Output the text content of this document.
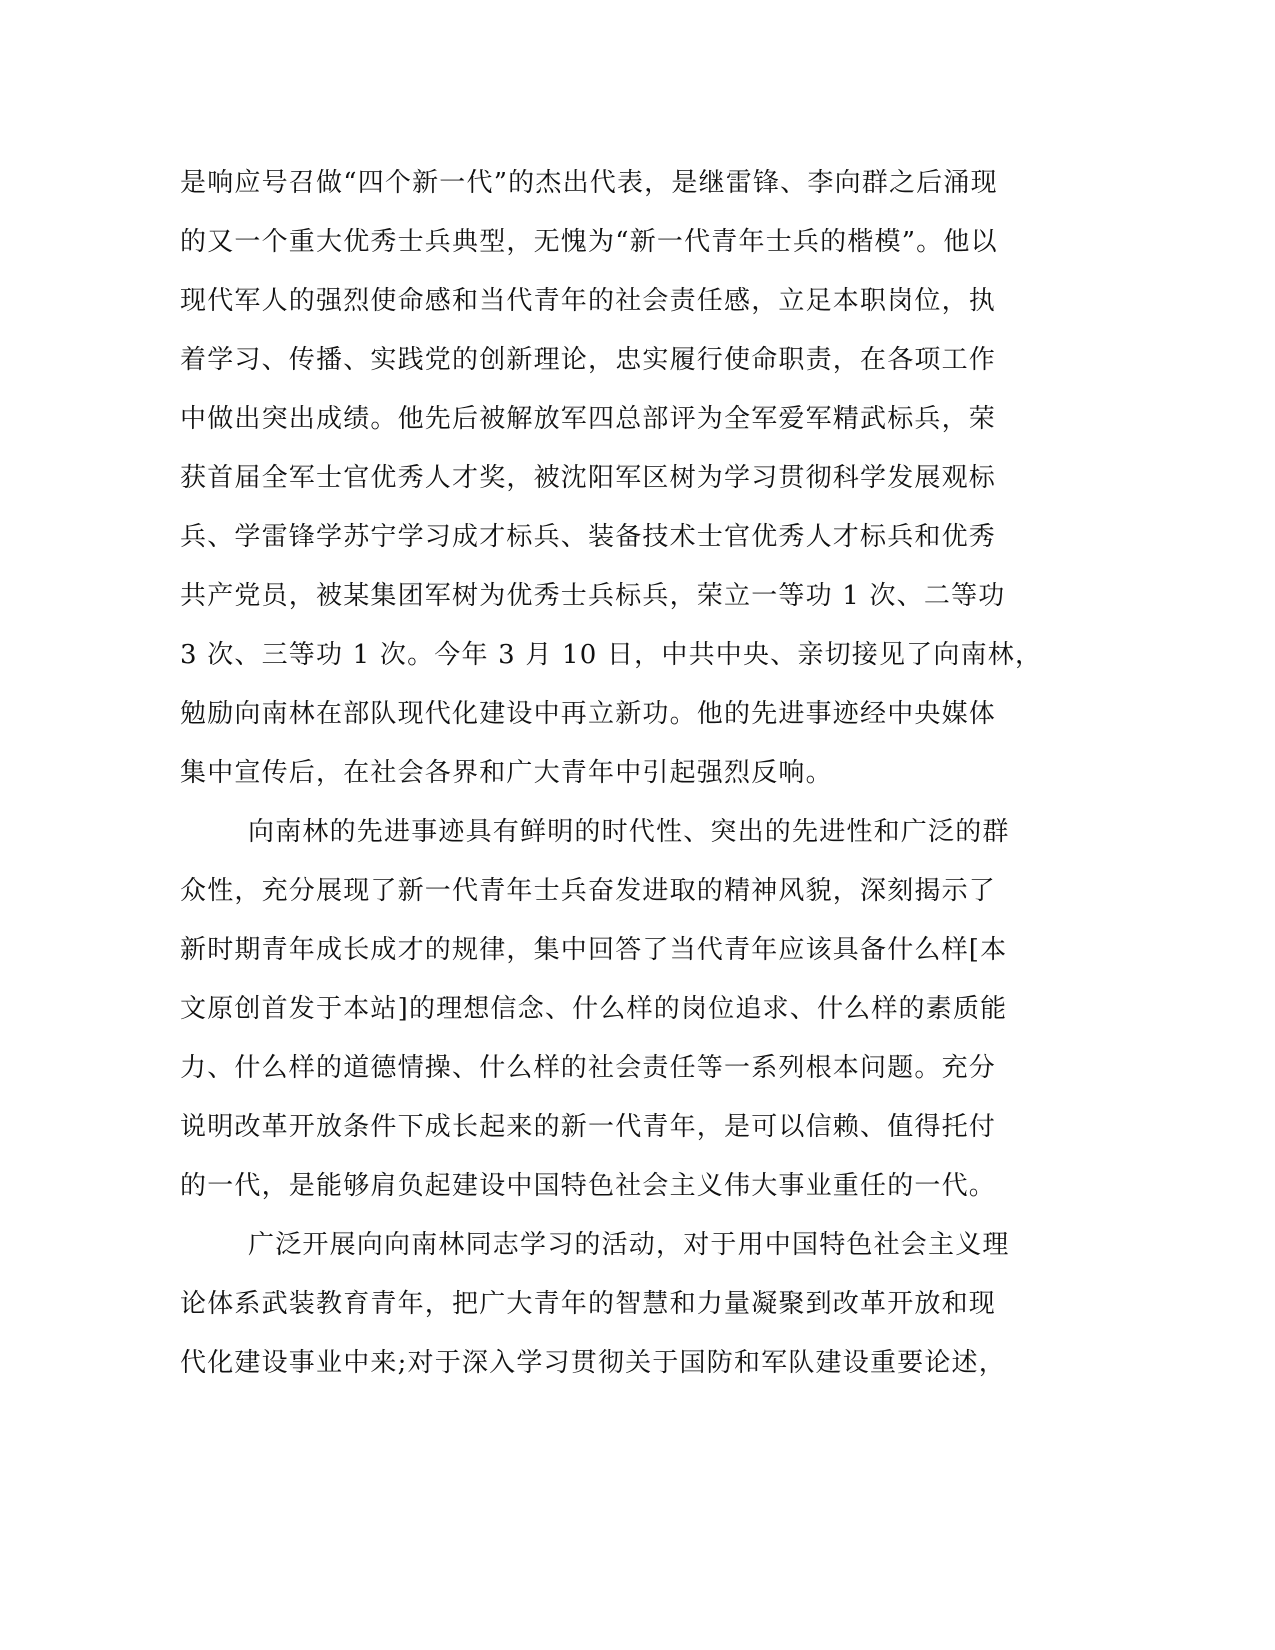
是响应号召做“四个新一代”的杰出代表，是继雷锋、李向群之后涌现
的又一个重大优秀士兵典型，无愧为“新一代青年士兵的楷模”。他以
现代军人的强烈使命感和当代青年的社会责任感，立足本职岗位，执
着学习、传播、实践党的创新理论，忠实履行使命职责，在各项工作
中做出突出成绩。他先后被解放军四总部评为全军爱军精武标兵，荣
获首届全军士官优秀人才奖，被沈阳军区树为学习贯彻科学发展观标
兵、学雷锋学苏宁学习成才标兵、装备技术士官优秀人才标兵和优秀
共产党员，被某集团军树为优秀士兵标兵，荣立一等功 1 次、二等功
3 次、三等功 1 次。今年 3 月 10 日，中共中央、亲切接见了向南林，
勉励向南林在部队现代化建设中再立新功。他的先进事迹经中央媒体
集中宣传后，在社会各界和广大青年中引起强烈反响。
向南林的先进事迹具有鲜明的时代性、突出的先进性和广泛的群
众性，充分展现了新一代青年士兵奋发进取的精神风貌，深刻揭示了
新时期青年成长成才的规律，集中回答了当代青年应该具备什么样[本
文原创首发于本站]的理想信念、什么样的岗位追求、什么样的素质能
力、什么样的道德情操、什么样的社会责任等一系列根本问题。充分
说明改革开放条件下成长起来的新一代青年，是可以信赖、值得托付
的一代，是能够肩负起建设中国特色社会主义伟大事业重任的一代。
广泛开展向向南林同志学习的活动，对于用中国特色社会主义理
论体系武装教育青年，把广大青年的智慧和力量凝聚到改革开放和现
代化建设事业中来;对于深入学习贯彻关于国防和军队建设重要论述，
